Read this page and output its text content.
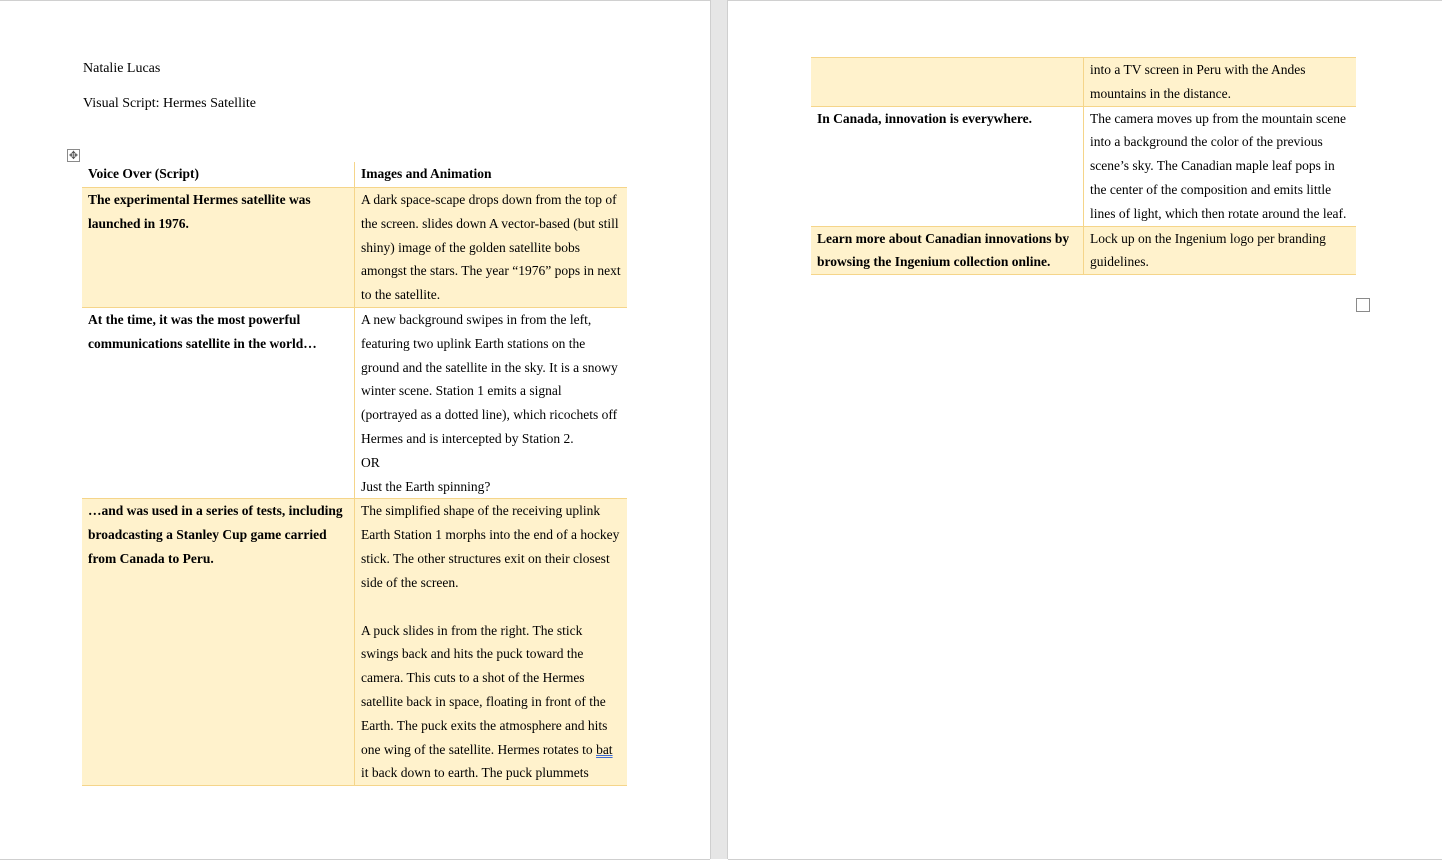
Natalie Lucas
Visual Script: Hermes Satellite
✥
Voice Over (Script)	Images and Animation
The experimental Hermes satellite was launched in 1976.	A dark space-scape drops down from the top of the screen. slides down A vector-based (but still shiny) image of the golden satellite bobs amongst the stars. The year “1976” pops in next to the satellite.

At the time, it was the most powerful communications satellite in the world…	A new background swipes in from the left, featuring two uplink Earth stations on the ground and the satellite in the sky. It is a snowy winter scene. Station 1 emits a signal (portrayed as a dotted line), which ricochets off Hermes and is intercepted by Station 2.

OR

Just the Earth spinning?

…and was used in a series of tests, including broadcasting a Stanley Cup game carried from Canada to Peru.	The simplified shape of the receiving uplink Earth Station 1 morphs into the end of a hockey stick. The other structures exit on their closest side of the screen.

A puck slides in from the right. The stick swings back and hits the puck toward the camera. This cuts to a shot of the Hermes satellite back in space, floating in front of the Earth. The puck exits the atmosphere and hits one wing of the satellite. Hermes rotates to bat it back down to earth. The puck plummets

	into a TV screen in Peru with the Andes mountains in the distance.

In Canada, innovation is everywhere.	The camera moves up from the mountain scene into a background the color of the previous scene’s sky. The Canadian maple leaf pops in the center of the composition and emits little lines of light, which then rotate around the leaf.

Learn more about Canadian innovations by browsing the Ingenium collection online.	Lock up on the Ingenium logo per branding guidelines.
